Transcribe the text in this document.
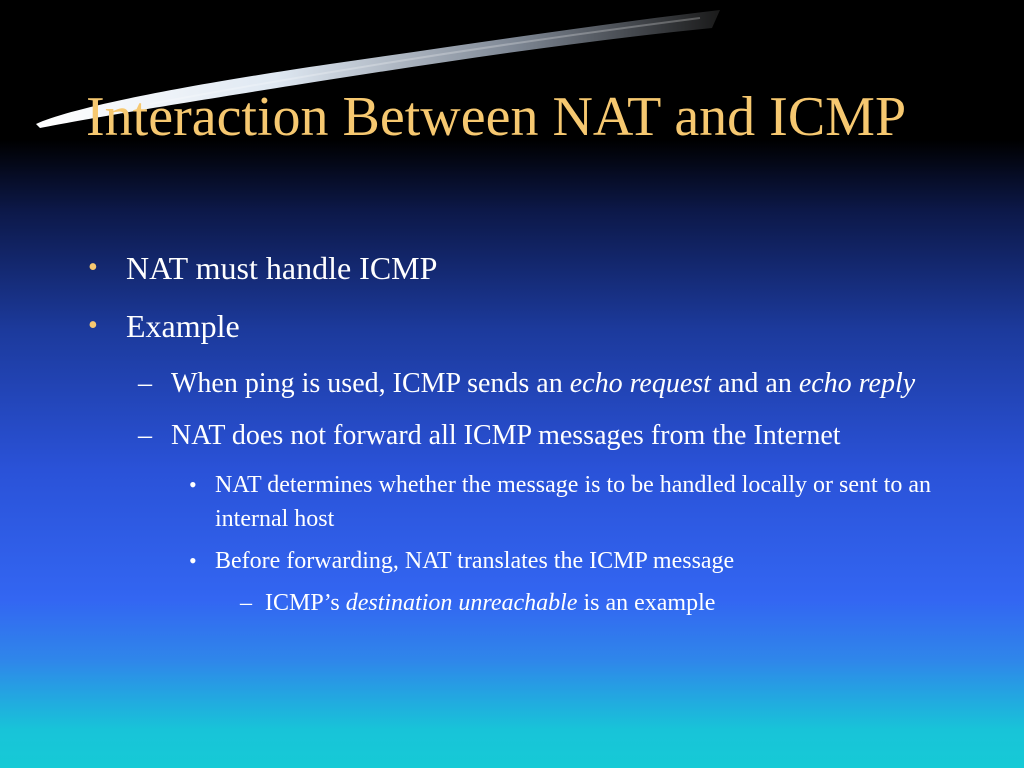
Interaction Between NAT and ICMP
• NAT must handle ICMP
• Example
– When ping is used, ICMP sends an echo request and an echo reply
– NAT does not forward all ICMP messages from the Internet
• NAT determines whether the message is to be handled locally or sent to an internal host
• Before forwarding, NAT translates the ICMP message
– ICMP’s destination unreachable is an example
